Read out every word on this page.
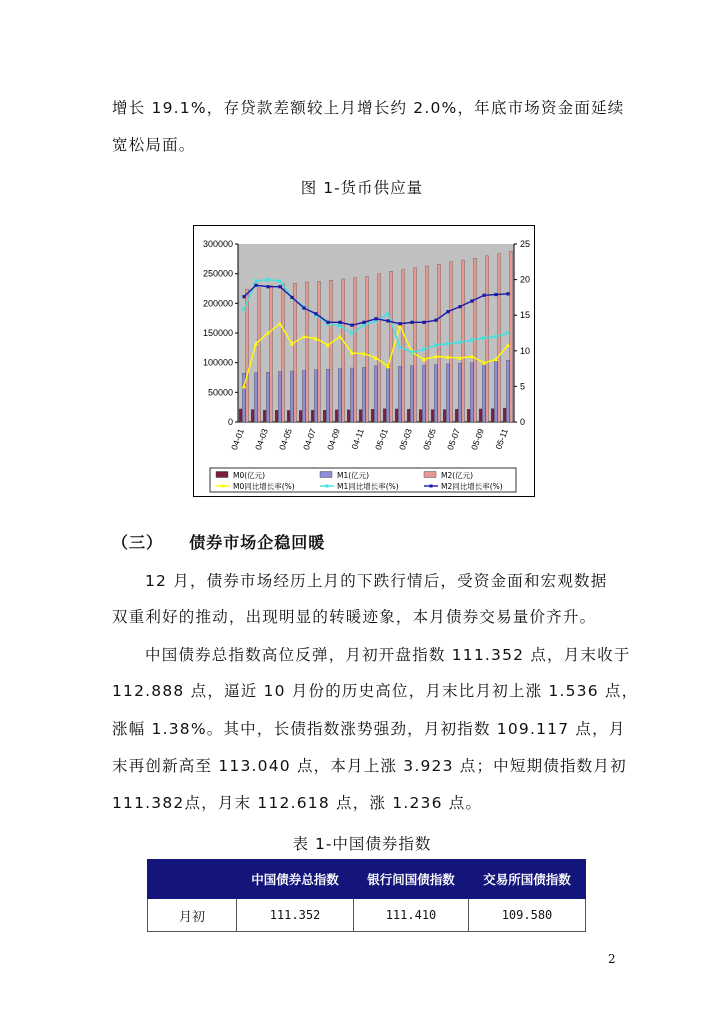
增长 19.1%，存贷款差额较上月增长约 2.0%，年底市场资金面延续
宽松局面。
图 1-货币供应量
0
50000
100000
150000
200000
250000
300000
0
5
10
15
20
25
04-01 04-03 04-05 04-07 04-09 04-11 05-01 05-03 05-05 05-07 05-09 05-11
M0(亿元)	M1(亿元)	M2(亿元)
M0同比增长率(%)	M1同比增长率(%)	M2同比增长率(%)
（三）    债券市场企稳回暖
12 月，债券市场经历上月的下跌行情后，受资金面和宏观数据
双重利好的推动，出现明显的转暖迹象，本月债券交易量价齐升。
中国债券总指数高位反弹，月初开盘指数 111.352 点，月末收于
112.888 点，逼近 10 月份的历史高位，月末比月初上涨 1.536 点，
涨幅 1.38%。其中，长债指数涨势强劲，月初指数 109.117 点，月
末再创新高至 113.040 点，本月上涨 3.923 点；中短期债指数月初
111.382点，月末 112.618 点，涨 1.236 点。
表 1-中国债券指数
	中国债券总指数	银行间国债指数	交易所国债指数
月初	111.352	111.410	109.580
2
